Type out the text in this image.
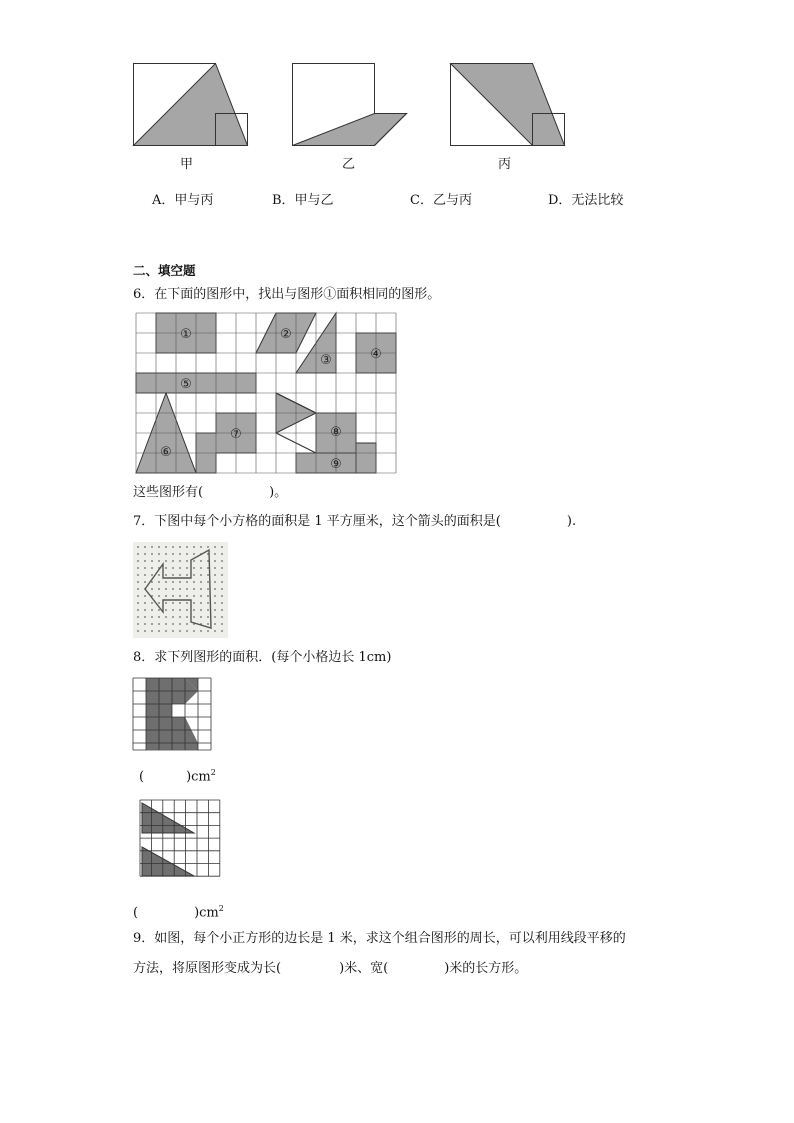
甲	乙	丙
A．甲与丙	B．甲与乙	C．乙与丙	D．无法比较
二、填空题
6．在下面的图形中，找出与图形①面积相同的图形。
①	②
③	④
⑤
⑥
⑦	⑧
⑨
这些图形有(	)。
7．下图中每个小方格的面积是 1 平方厘米，这个箭头的面积是(	).
8．求下列图形的面积．(每个小格边长 1cm)
(	)$cm^2$
(	)$cm^2$
9．如图，每个小正方形的边长是 1 米，求这个组合图形的周长，可以利用线段平移的
方法，将原图形变成为长(	)米、宽(	)米的长方形。
